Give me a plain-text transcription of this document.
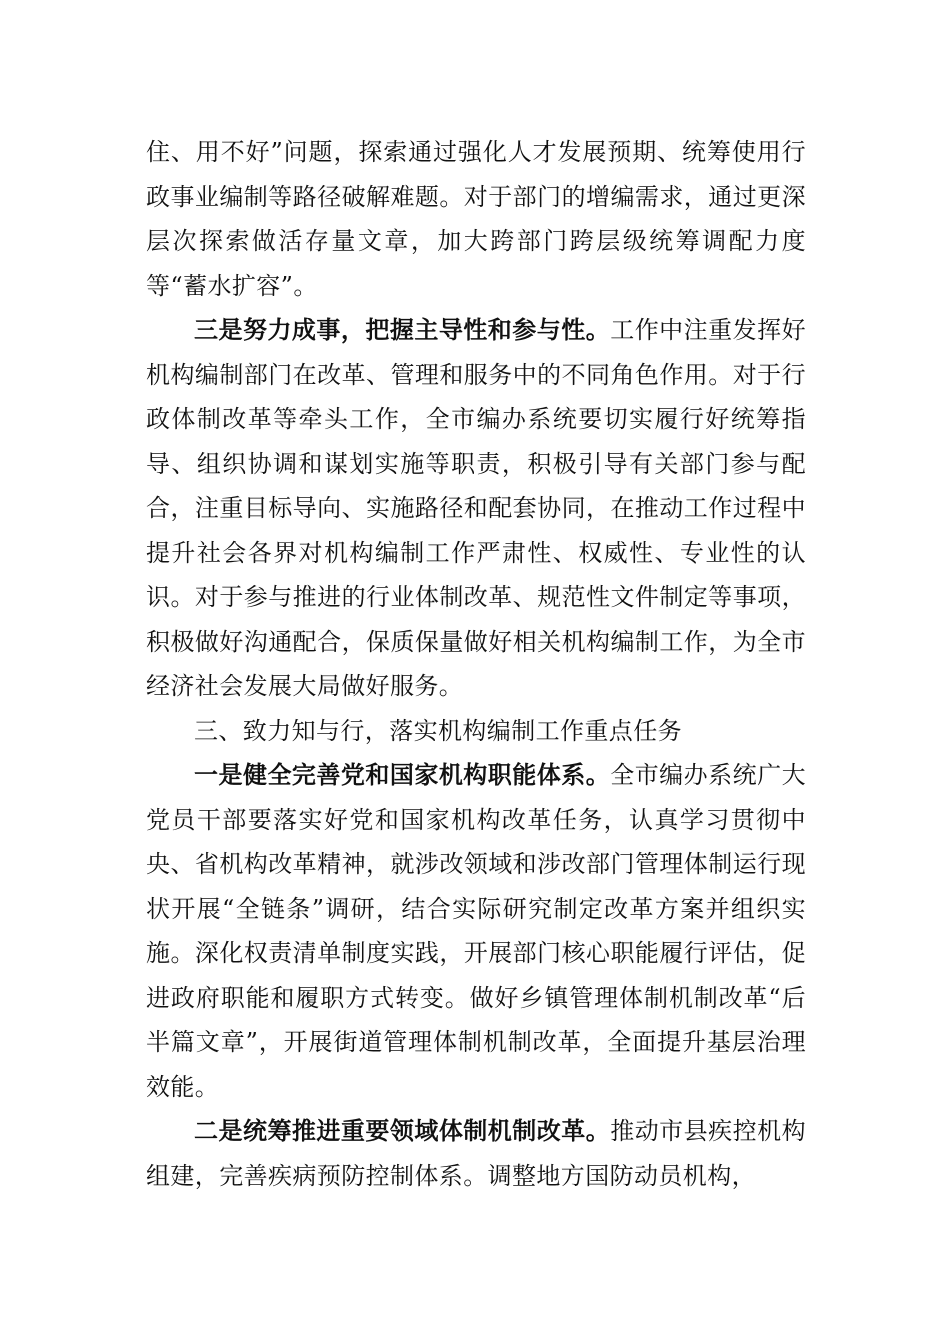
住、用不好”问题，探索通过强化人才发展预期、统筹使用行政事业编制等路径破解难题。对于部门的增编需求，通过更深层次探索做活存量文章，加大跨部门跨层级统筹调配力度等“蓄水扩容”。

三是努力成事，把握主导性和参与性。工作中注重发挥好机构编制部门在改革、管理和服务中的不同角色作用。对于行政体制改革等牵头工作，全市编办系统要切实履行好统筹指导、组织协调和谋划实施等职责，积极引导有关部门参与配合，注重目标导向、实施路径和配套协同，在推动工作过程中提升社会各界对机构编制工作严肃性、权威性、专业性的认识。对于参与推进的行业体制改革、规范性文件制定等事项，积极做好沟通配合，保质保量做好相关机构编制工作，为全市经济社会发展大局做好服务。

三、致力知与行，落实机构编制工作重点任务

一是健全完善党和国家机构职能体系。全市编办系统广大党员干部要落实好党和国家机构改革任务，认真学习贯彻中央、省机构改革精神，就涉改领域和涉改部门管理体制运行现状开展“全链条”调研，结合实际研究制定改革方案并组织实施。深化权责清单制度实践，开展部门核心职能履行评估，促进政府职能和履职方式转变。做好乡镇管理体制机制改革“后半篇文章”，开展街道管理体制机制改革，全面提升基层治理效能。

二是统筹推进重要领域体制机制改革。推动市县疾控机构组建，完善疾病预防控制体系。调整地方国防动员机构，
